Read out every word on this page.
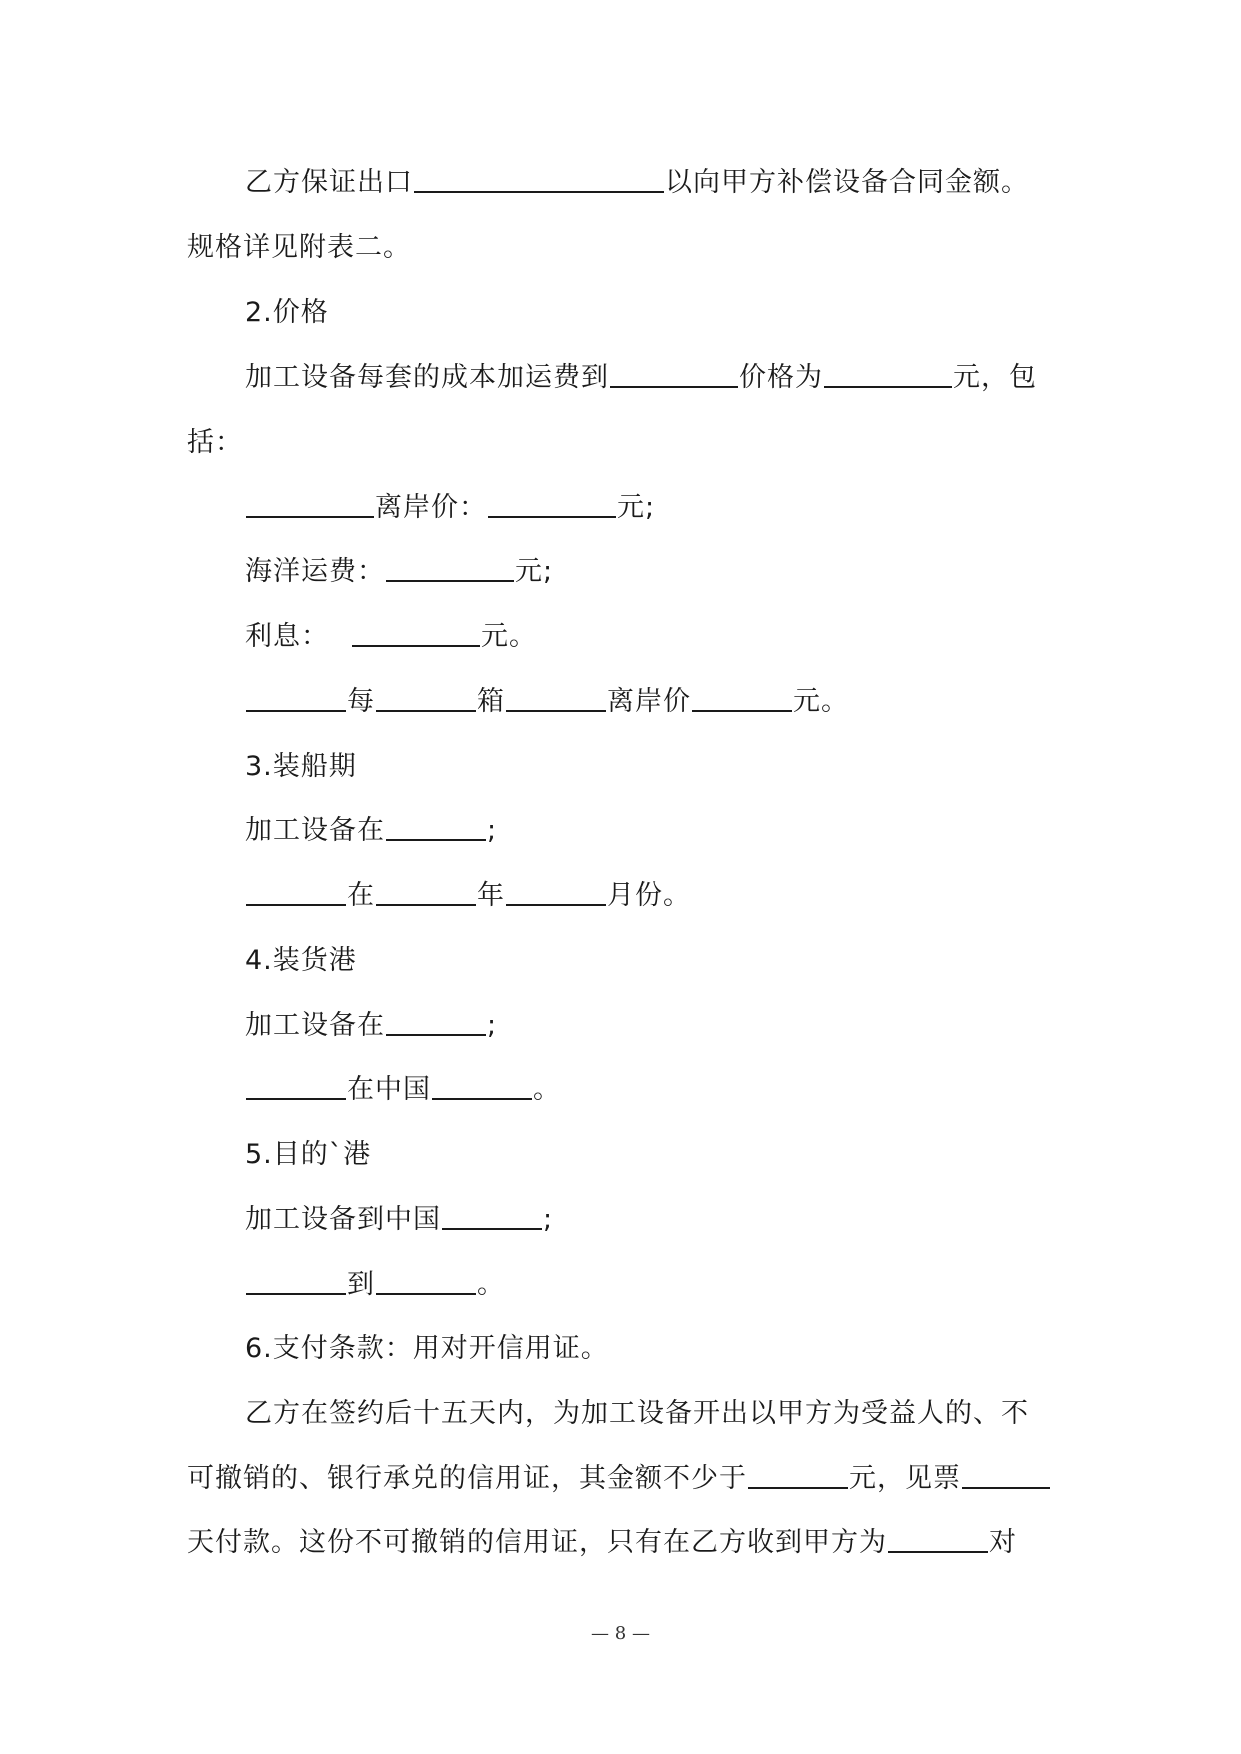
乙方保证出口	以向甲方补偿设备合同金额。
规格详见附表二。
2.价格
加工设备每套的成本加运费到	价格为	元，包
括：
离岸价：	元;
海洋运费：	元;
利息：	元。
每	箱	离岸价	元。
3.装船期
加工设备在	;
在	年	月份。
4.装货港
加工设备在	;
在中国	。
5.目的`港
加工设备到中国	;
到	。
6.支付条款：用对开信用证。
乙方在签约后十五天内，为加工设备开出以甲方为受益人的、不
可撤销的、银行承兑的信用证，其金额不少于	元，见票
天付款。这份不可撤销的信用证，只有在乙方收到甲方为	对
— 8 —
